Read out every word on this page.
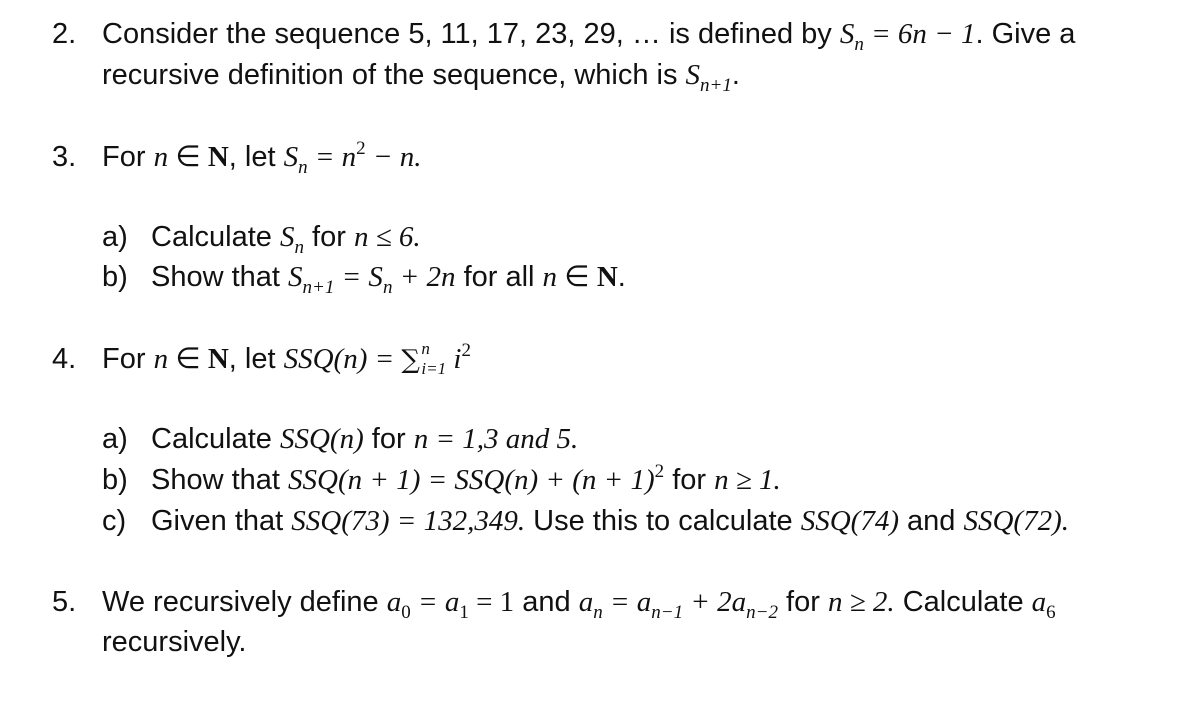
2. Consider the sequence 5, 11, 17, 23, 29, … is defined by $S_n = 6n - 1$. Give a
recursive definition of the sequence, which is $S_{n+1}$.
3. For n ∈ N, let $S_n = n^2 - n$.
a) Calculate $S_n$ for n ≤ 6.
b) Show that $S_{n+1} = S_n + 2n$ for all n ∈ N.
4. For n ∈ N, let SSQ(n) = ∑ n
i=1 $i^2$
a) Calculate SSQ(n) for n = 1,3 and 5.
b) Show that $SSQ(n + 1) = SSQ(n) + (n + 1)^2$ for n ≥ 1.
c) Given that SSQ(73) = 132,349. Use this to calculate SSQ(74) and SSQ(72).
5. We recursively define $a_0 = a_1 = 1$ and $a_n = a_{n-1} + 2a_{n-2}$ for n ≥ 2. Calculate $a_6$
recursively.
